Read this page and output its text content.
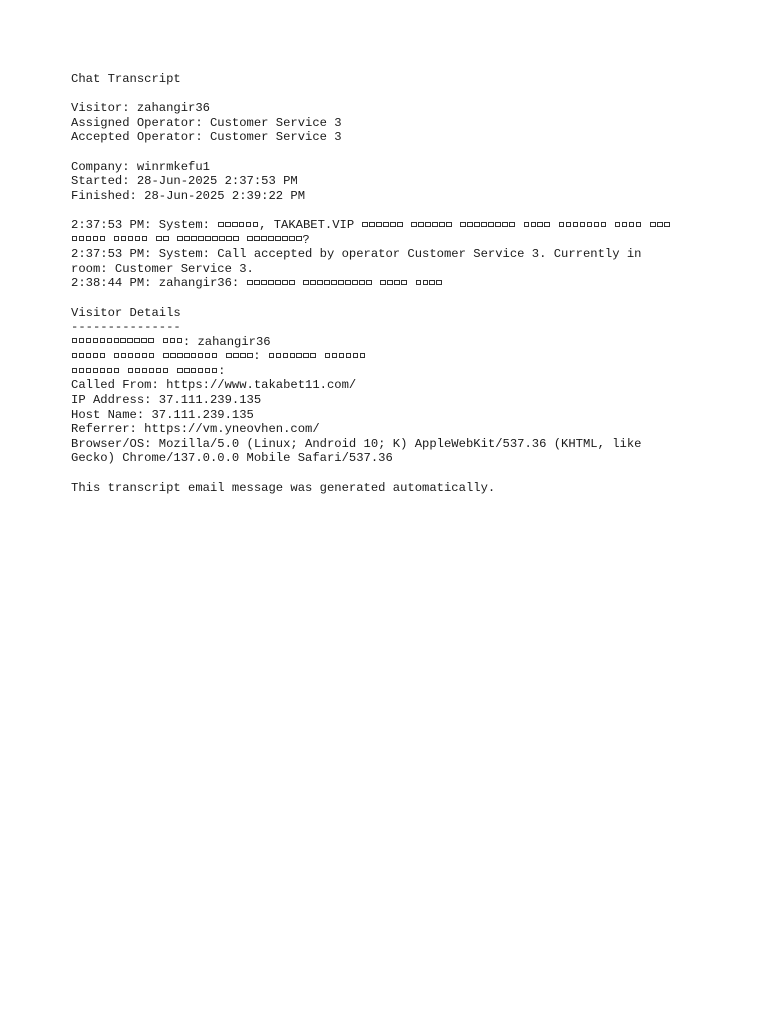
Chat Transcript
Visitor: zahangir36
Assigned Operator: Customer Service 3
Accepted Operator: Customer Service 3
Company: winrmkefu1
Started: 28-Jun-2025 2:37:53 PM
Finished: 28-Jun-2025 2:39:22 PM
2:37:53 PM: System:	, TAKABET.VIP           ?
2:37:53 PM: System: Call accepted by operator Customer Service 3. Currently in room: Customer Service 3.
2:38:44 PM: zahangir36:
Visitor Details
---------------
: zahangir36
:
:
Called From: https://www.takabet11.com/
IP Address: 37.111.239.135
Host Name: 37.111.239.135
Referrer: https://vm.yneovhen.com/
Browser/OS: Mozilla/5.0 (Linux; Android 10; K) AppleWebKit/537.36 (KHTML, like Gecko) Chrome/137.0.0.0 Mobile Safari/537.36
This transcript email message was generated automatically.
